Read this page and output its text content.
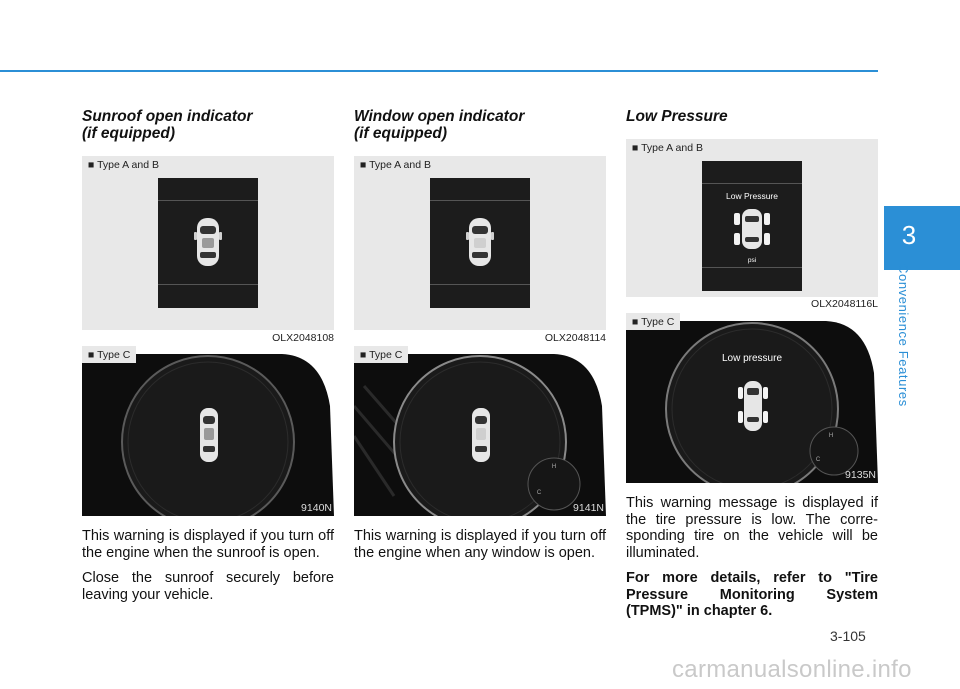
3
Convenience Features
Sunroof open indicator
(if equipped)
■ Type A and B
OLX2048108
■ Type C
9140N

This warning is displayed if you turn off the engine when the sunroof is open.

Close the sunroof securely before leaving your vehicle.

Window open indicator
(if equipped)
■ Type A and B
OLX2048114
■ Type C
H
C
9141N

This warning is displayed if you turn off the engine when any window is open.

Low Pressure
■ Type A and B
Low Pressure
psi
OLX2048116L
■ Type C
H
C
Low pressure
9135N

This warning message is displayed if the tire pressure is low. The corre-sponding tire on the vehicle will be illuminated.

For more details, refer to "Tire Pressure Monitoring System (TPMS)" in chapter 6.

3-105
carmanualsonline.info
